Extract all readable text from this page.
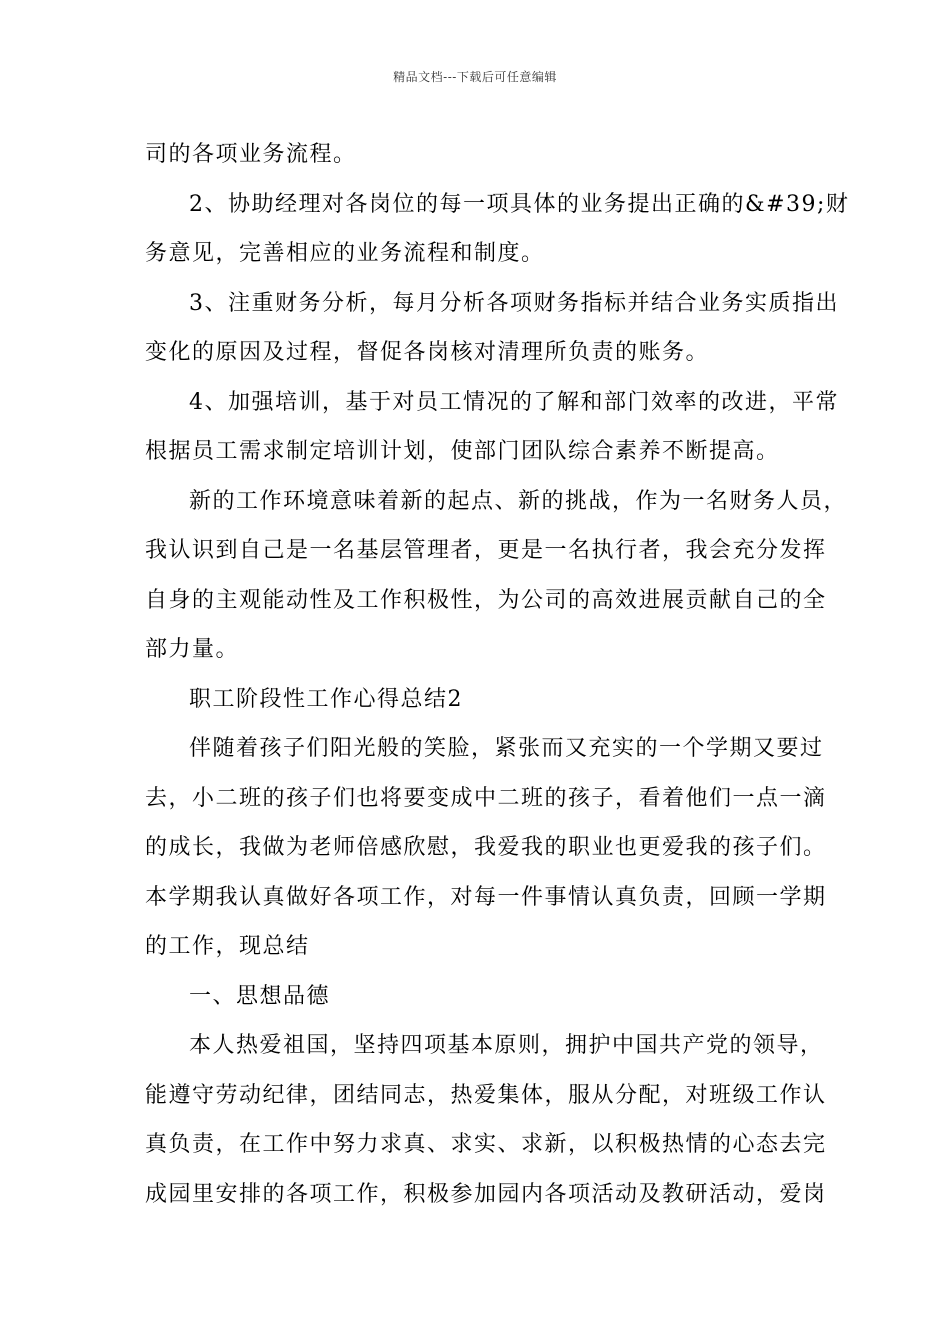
精品文档---下载后可任意编辑
司的各项业务流程。
2、协助经理对各岗位的每一项具体的业务提出正确的&#39;财
务意见，完善相应的业务流程和制度。
3、注重财务分析，每月分析各项财务指标并结合业务实质指出
变化的原因及过程，督促各岗核对清理所负责的账务。
4、加强培训，基于对员工情况的了解和部门效率的改进，平常
根据员工需求制定培训计划，使部门团队综合素养不断提高。
新的工作环境意味着新的起点、新的挑战，作为一名财务人员，
我认识到自己是一名基层管理者，更是一名执行者，我会充分发挥
自身的主观能动性及工作积极性，为公司的高效进展贡献自己的全
部力量。
职工阶段性工作心得总结2
伴随着孩子们阳光般的笑脸，紧张而又充实的一个学期又要过
去，小二班的孩子们也将要变成中二班的孩子，看着他们一点一滴
的成长，我做为老师倍感欣慰，我爱我的职业也更爱我的孩子们。
本学期我认真做好各项工作，对每一件事情认真负责，回顾一学期
的工作，现总结
一、思想品德
本人热爱祖国，坚持四项基本原则，拥护中国共产党的领导，
能遵守劳动纪律，团结同志，热爱集体，服从分配，对班级工作认
真负责，在工作中努力求真、求实、求新，以积极热情的心态去完
成园里安排的各项工作，积极参加园内各项活动及教研活动，爱岗
